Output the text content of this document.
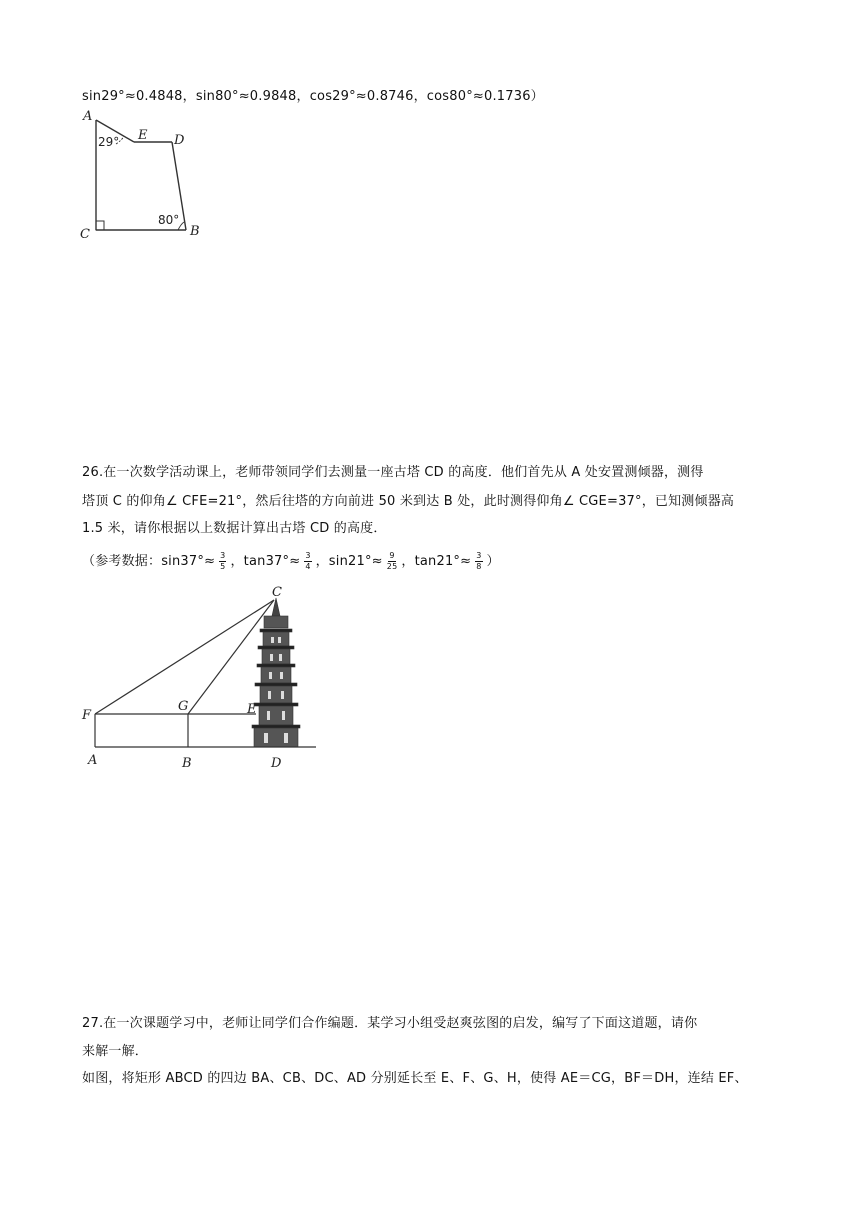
sin29°≈0.4848，sin80°≈0.9848，cos29°≈0.8746，cos80°≈0.1736）
A
E D
C	B
29°
80°
26.在一次数学活动课上，老师带领同学们去测量一座古塔 CD 的高度．他们首先从 A 处安置测倾器，测得
塔顶 C 的仰角∠ CFE=21°，然后往塔的方向前进 50 米到达 B 处，此时测得仰角∠ CGE=37°，已知测倾器高
1.5 米，请你根据以上数据计算出古塔 CD 的高度．
（参考数据：$\sin 37^\circ\approx \frac{3}{5}$ ，$\tan 37^\circ\approx \frac{3}{4}$ ，$\sin 21^\circ\approx \frac{9}{25}$ ，$\tan 21^\circ\approx \frac{3}{8}$ ）
C
F
G	E
A	B	D
27.在一次课题学习中，老师让同学们合作编题．某学习小组受赵爽弦图的启发，编写了下面这道题，请你
来解一解．
如图，将矩形 ABCD 的四边 BA、CB、DC、AD 分别延长至 E、F、G、H，使得 AE＝CG，BF＝DH，连结 EF、
